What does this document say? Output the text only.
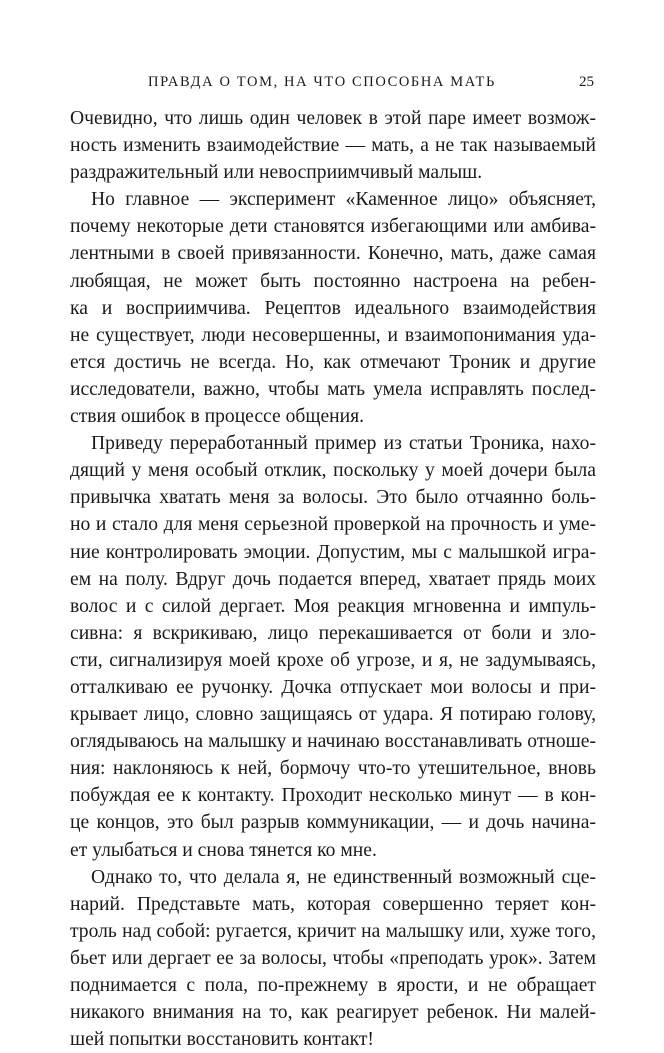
ПРАВДА О ТОМ, НА ЧТО СПОСОБНА МАТЬ	25
Очевидно, что лишь один человек в этой паре имеет возмож-
ность изменить взаимодействие — мать, а не так называемый
раздражительный или невосприимчивый малыш.
Но главное — эксперимент «Каменное лицо» объясняет,
почему некоторые дети становятся избегающими или амбива-
лентными в своей привязанности. Конечно, мать, даже самая
любящая, не может быть постоянно настроена на ребен-
ка и восприимчива. Рецептов идеального взаимодействия
не существует, люди несовершенны, и взаимопонимания уда-
ется достичь не всегда. Но, как отмечают Троник и другие
исследователи, важно, чтобы мать умела исправлять послед-
ствия ошибок в процессе общения.
Приведу переработанный пример из статьи Троника, нахо-
дящий у меня особый отклик, поскольку у моей дочери была
привычка хватать меня за волосы. Это было отчаянно боль-
но и стало для меня серьезной проверкой на прочность и уме-
ние контролировать эмоции. Допустим, мы с малышкой игра-
ем на полу. Вдруг дочь подается вперед, хватает прядь моих
волос и с силой дергает. Моя реакция мгновенна и импуль-
сивна: я вскрикиваю, лицо перекашивается от боли и зло-
сти, сигнализируя моей крохе об угрозе, и я, не задумываясь,
отталкиваю ее ручонку. Дочка отпускает мои волосы и при-
крывает лицо, словно защищаясь от удара. Я потираю голову,
оглядываюсь на малышку и начинаю восстанавливать отноше-
ния: наклоняюсь к ней, бормочу что-то утешительное, вновь
побуждая ее к контакту. Проходит несколько минут — в кон-
це концов, это был разрыв коммуникации, — и дочь начина-
ет улыбаться и снова тянется ко мне.
Однако то, что делала я, не единственный возможный сце-
нарий. Представьте мать, которая совершенно теряет кон-
троль над собой: ругается, кричит на малышку или, хуже того,
бьет или дергает ее за волосы, чтобы «преподать урок». Затем
поднимается с пола, по-прежнему в ярости, и не обращает
никакого внимания на то, как реагирует ребенок. Ни малей-
шей попытки восстановить контакт!
